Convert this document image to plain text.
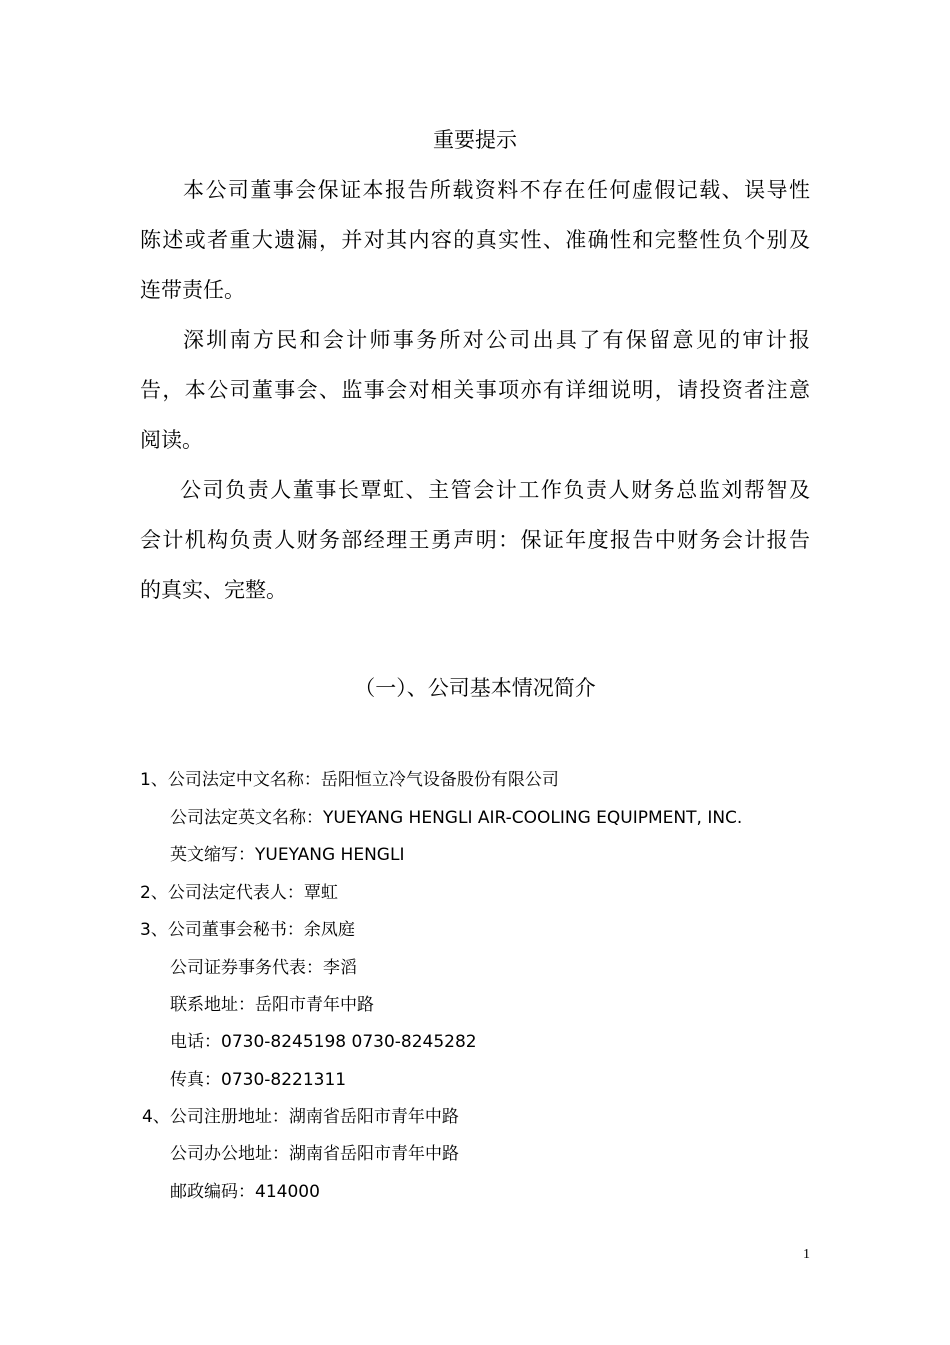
重要提示
本公司董事会保证本报告所载资料不存在任何虚假记载、误导性
陈述或者重大遗漏，并对其内容的真实性、准确性和完整性负个别及
连带责任。
深圳南方民和会计师事务所对公司出具了有保留意见的审计报
告，本公司董事会、监事会对相关事项亦有详细说明，请投资者注意
阅读。
公司负责人董事长覃虹、主管会计工作负责人财务总监刘帮智及
会计机构负责人财务部经理王勇声明：保证年度报告中财务会计报告
的真实、完整。
（一）、公司基本情况简介
1、公司法定中文名称：岳阳恒立冷气设备股份有限公司
公司法定英文名称：YUEYANG HENGLI AIR-COOLING EQUIPMENT, INC.
英文缩写：YUEYANG HENGLI
2、公司法定代表人：覃虹
3、公司董事会秘书：余凤庭
公司证券事务代表：李滔
联系地址：岳阳市青年中路
电话：0730-8245198 0730-8245282
传真：0730-8221311
4、公司注册地址：湖南省岳阳市青年中路
公司办公地址：湖南省岳阳市青年中路
邮政编码：414000
1
